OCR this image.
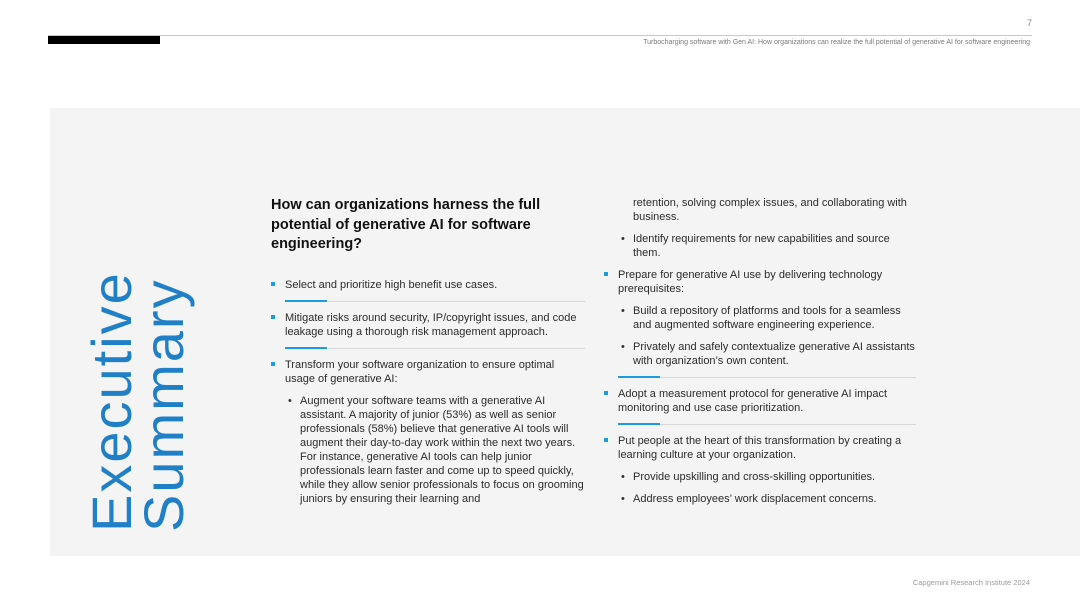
7
Turbocharging software with Gen AI: How organizations can realize the full potential of generative AI for software engineering
Executive
Summary
How can organizations harness the full potential of generative AI for software engineering?
Select and prioritize high benefit use cases.
Mitigate risks around security, IP/copyright issues, and code leakage using a thorough risk management approach.
Transform your software organization to ensure optimal usage of generative AI:
• Augment your software teams with a generative AI assistant. A majority of junior (53%) as well as senior professionals (58%) believe that generative AI tools will augment their day-to-day work within the next two years. For instance, generative AI tools can help junior professionals learn faster and come up to speed quickly, while they allow senior professionals to focus on grooming juniors by ensuring their learning and
retention, solving complex issues, and collaborating with business.
• Identify requirements for new capabilities and source them.
Prepare for generative AI use by delivering technology prerequisites:
• Build a repository of platforms and tools for a seamless and augmented software engineering experience.
• Privately and safely contextualize generative AI assistants with organization’s own content.
Adopt a measurement protocol for generative AI impact monitoring and use case prioritization.
Put people at the heart of this transformation by creating a learning culture at your organization.
• Provide upskilling and cross-skilling opportunities.
• Address employees’ work displacement concerns.
Capgemini Research Institute 2024
